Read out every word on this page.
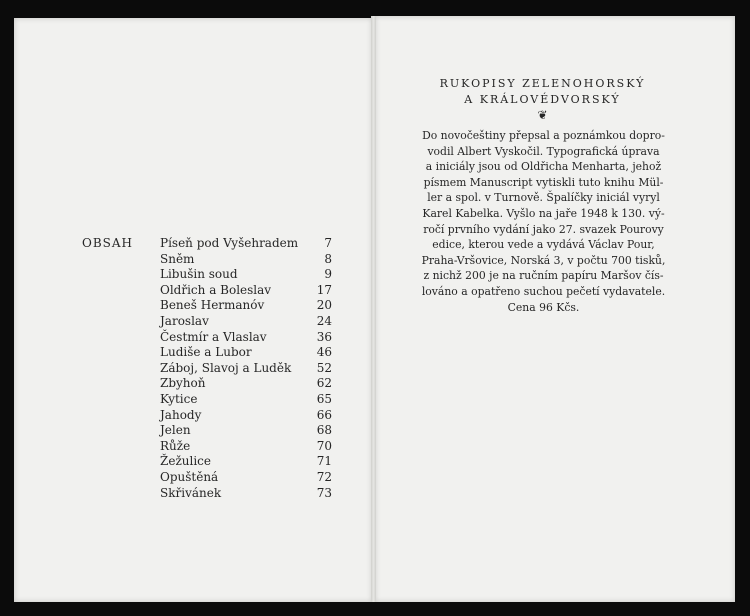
OBSAH Píseň pod Vyšehradem 7
Sněm	8
Libušin soud	9
Oldřich a Boleslav	17
Beneš Hermanóv	20
Jaroslav	24
Čestmír a Vlaslav	36
Ludiše a Lubor	46
Záboj, Slavoj a Luděk 52
Zbyhoň	62
Kytice	65
Jahody	66
Jelen	68
Růže	70
Žežulice	71
Opuštěná	72
Skřivánek	73
RUKOPISY ZELENOHORSKÝ
A KRÁLOVÉDVORSKÝ
❦
Do novočeštiny přepsal a poznámkou dopro-
vodil Albert Vyskočil. Typografická úprava
a iniciály jsou od Oldřicha Menharta, jehož
písmem Manuscript vytiskli tuto knihu Mül-
ler a spol. v Turnově. Špalíčky iniciál vyryl
Karel Kabelka. Vyšlo na jaře 1948 k 130. vý-
ročí prvního vydání jako 27. svazek Pourovy
edice, kterou vede a vydává Václav Pour,
Praha-Vršovice, Norská 3, v počtu 700 tisků,
z nichž 200 je na ručním papíru Maršov čís-
lováno a opatřeno suchou pečetí vydavatele.
Cena 96 Kčs.
